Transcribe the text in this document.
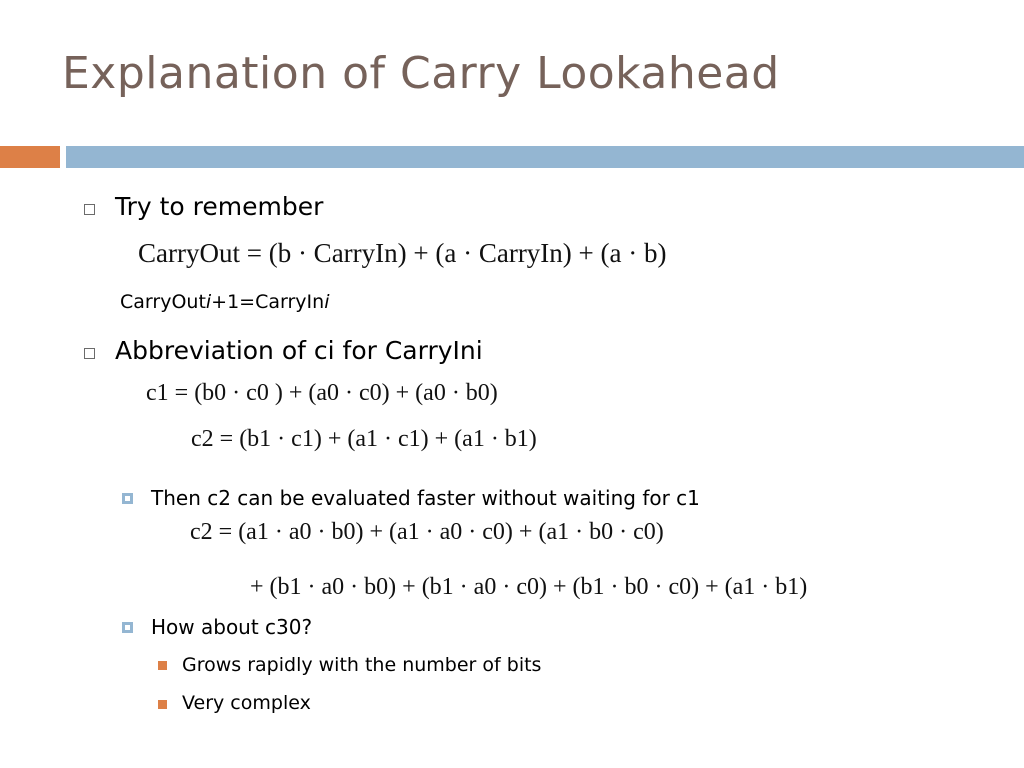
Explanation of Carry Lookahead
Try to remember
CarryOut = (b · CarryIn) + (a · CarryIn) + (a · b)
CarryOuti+1=CarryIni
Abbreviation of ci for CarryIni
c1 = (b0 · c0 ) + (a0 · c0) + (a0 · b0)
c2 = (b1 · c1) + (a1 · c1) + (a1 · b1)
Then c2 can be evaluated faster without waiting for c1
c2 = (a1 · a0 · b0) + (a1 · a0 · c0) + (a1 · b0 · c0)
+ (b1 · a0 · b0) + (b1 · a0 · c0) + (b1 · b0 · c0) + (a1 · b1)
How about c30?
Grows rapidly with the number of bits
Very complex
